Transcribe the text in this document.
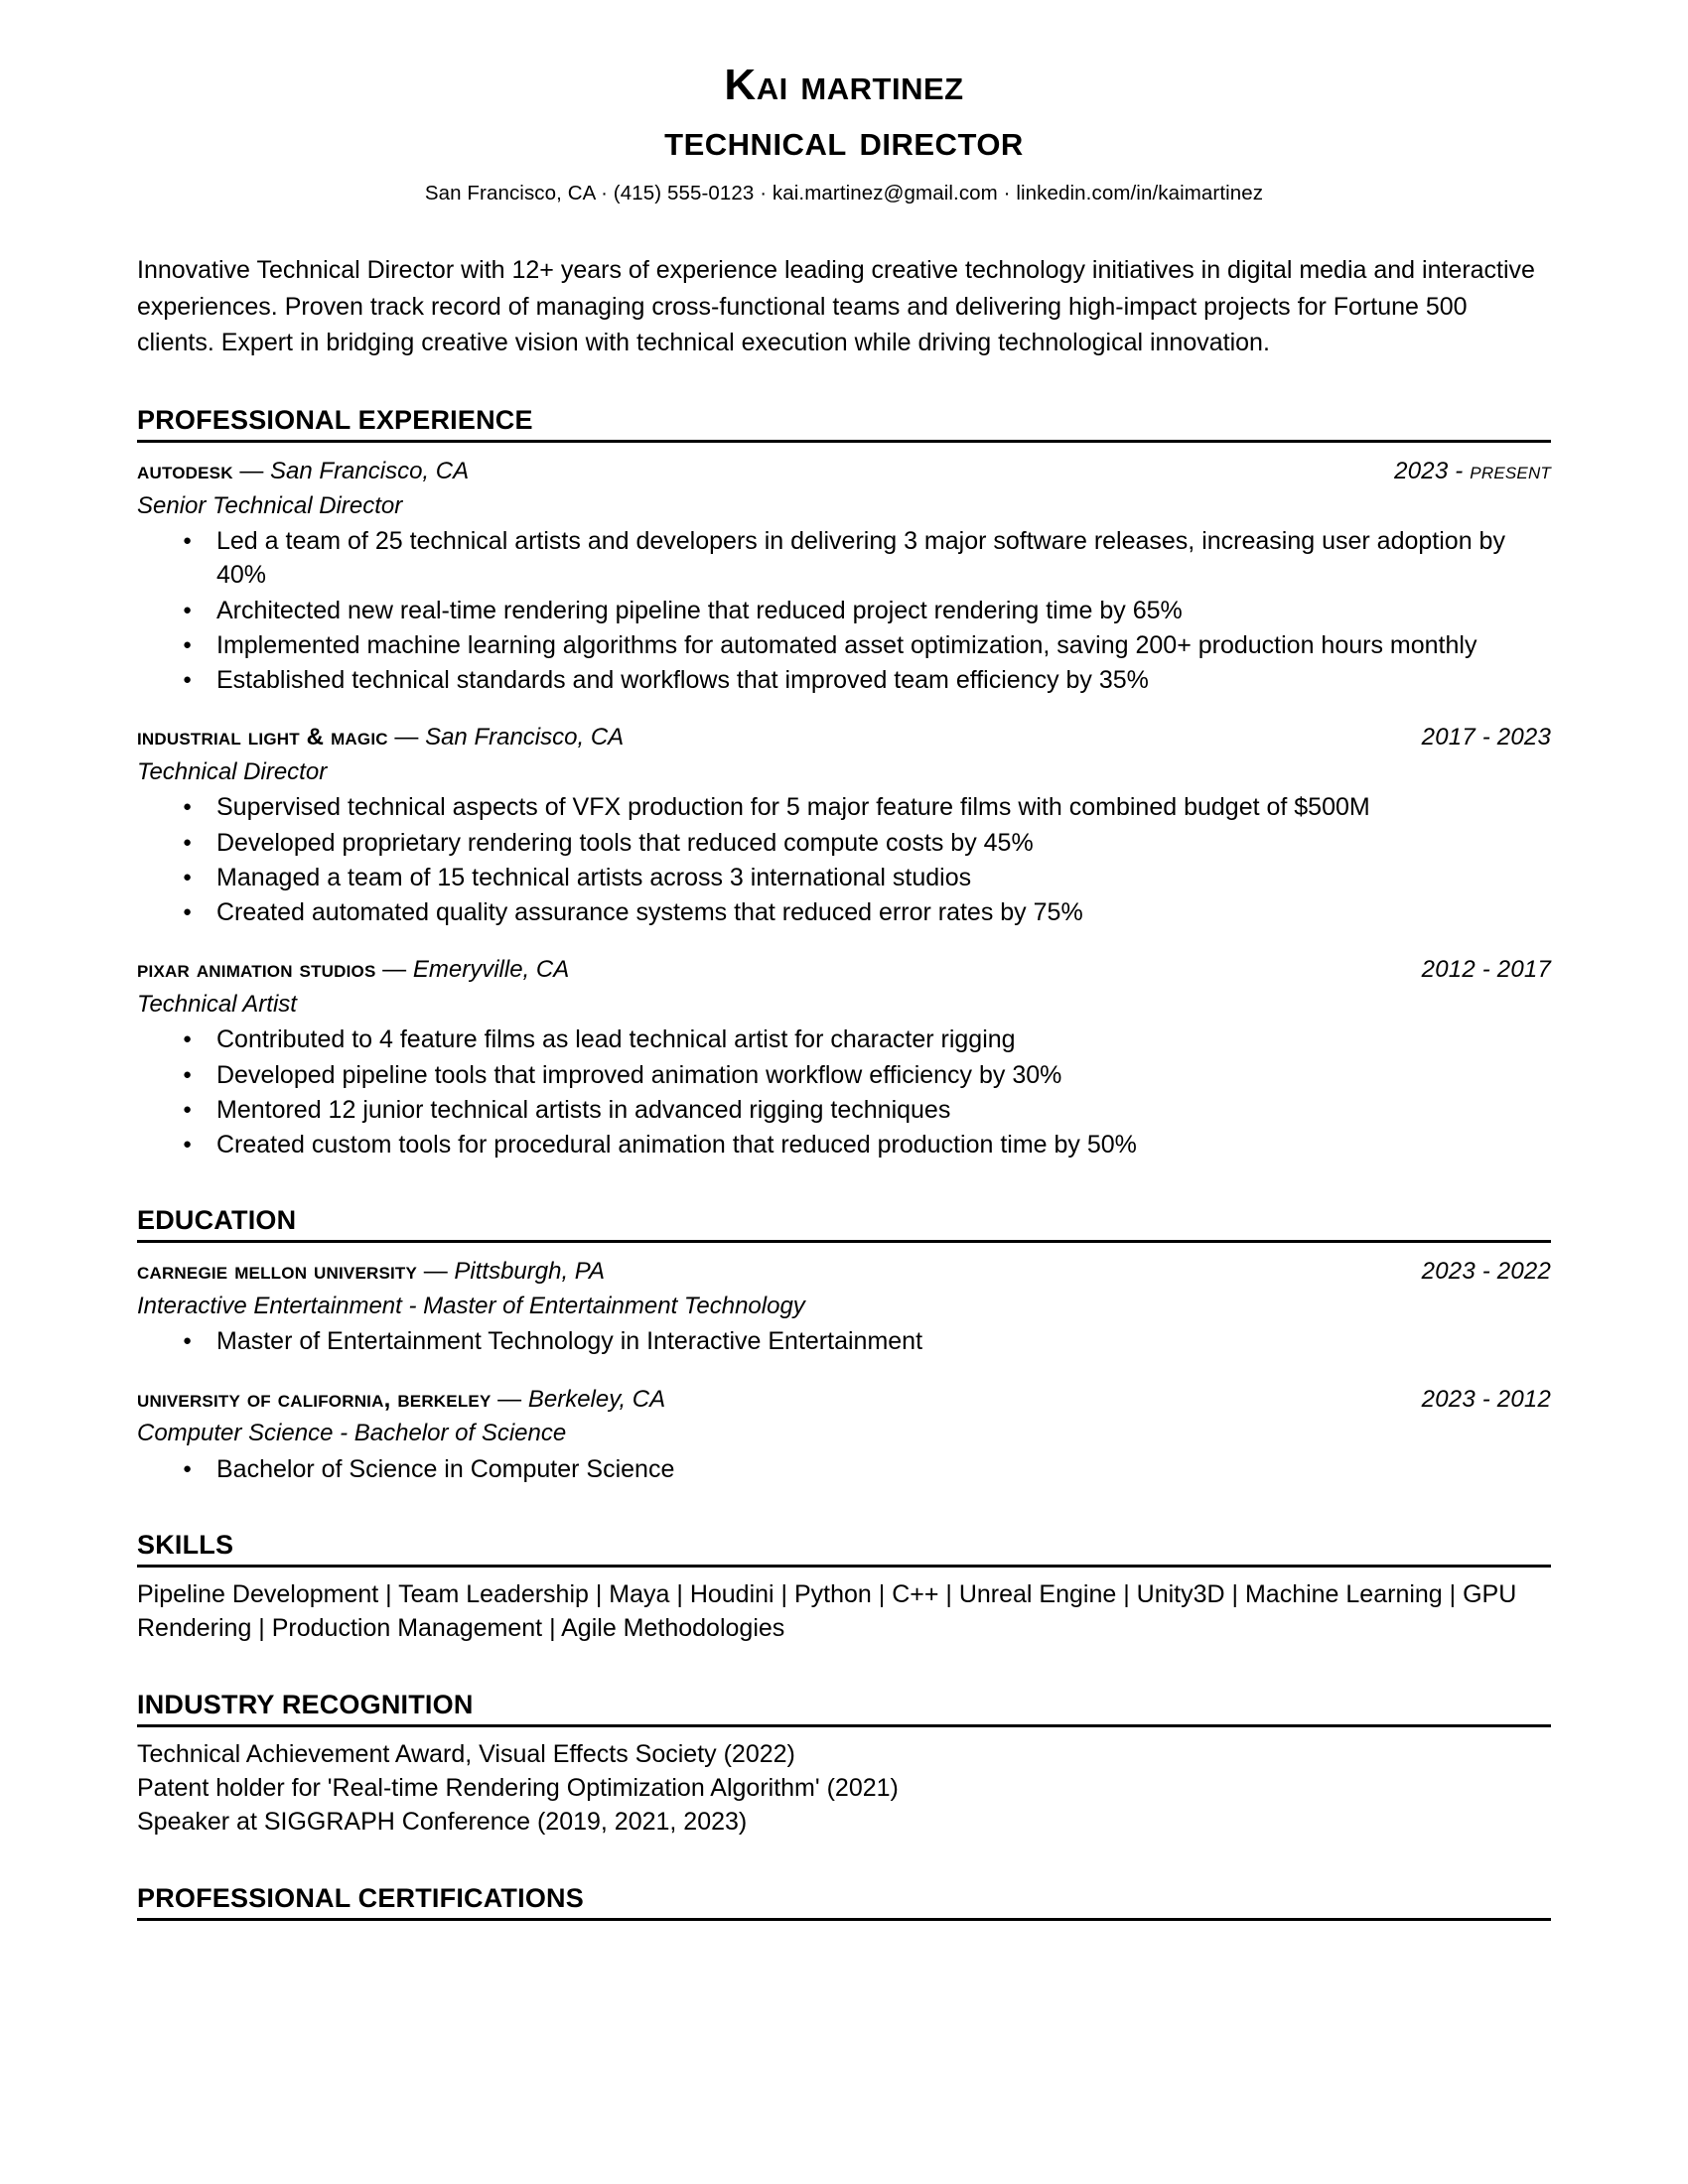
Kai martinez
technical director
San Francisco, CA · (415) 555-0123 · kai.martinez@gmail.com · linkedin.com/in/kaimartinez

Innovative Technical Director with 12+ years of experience leading creative technology initiatives in digital media and interactive experiences. Proven track record of managing cross-functional teams and delivering high-impact projects for Fortune 500 clients. Expert in bridging creative vision with technical execution while driving technological innovation.

PROFESSIONAL EXPERIENCE
autodesk — San Francisco, CA	2023 - present
Senior Technical Director
● Led a team of 25 technical artists and developers in delivering 3 major software releases, increasing user adoption by 40%
● Architected new real-time rendering pipeline that reduced project rendering time by 65%
● Implemented machine learning algorithms for automated asset optimization, saving 200+ production hours monthly
● Established technical standards and workflows that improved team efficiency by 35%
industrial light & magic — San Francisco, CA	2017 - 2023
Technical Director
● Supervised technical aspects of VFX production for 5 major feature films with combined budget of $500M
● Developed proprietary rendering tools that reduced compute costs by 45%
● Managed a team of 15 technical artists across 3 international studios
● Created automated quality assurance systems that reduced error rates by 75%
pixar animation studios — Emeryville, CA	2012 - 2017
Technical Artist
● Contributed to 4 feature films as lead technical artist for character rigging
● Developed pipeline tools that improved animation workflow efficiency by 30%
● Mentored 12 junior technical artists in advanced rigging techniques
● Created custom tools for procedural animation that reduced production time by 50%
EDUCATION
carnegie mellon university — Pittsburgh, PA	2023 - 2022
Interactive Entertainment - Master of Entertainment Technology
● Master of Entertainment Technology in Interactive Entertainment
university of california, berkeley — Berkeley, CA	2023 - 2012
Computer Science - Bachelor of Science
● Bachelor of Science in Computer Science
SKILLS
Pipeline Development | Team Leadership | Maya | Houdini | Python | C++ | Unreal Engine | Unity3D | Machine Learning | GPU Rendering | Production Management | Agile Methodologies
INDUSTRY RECOGNITION
Technical Achievement Award, Visual Effects Society (2022)
Patent holder for 'Real-time Rendering Optimization Algorithm' (2021)
Speaker at SIGGRAPH Conference (2019, 2021, 2023)
PROFESSIONAL CERTIFICATIONS
